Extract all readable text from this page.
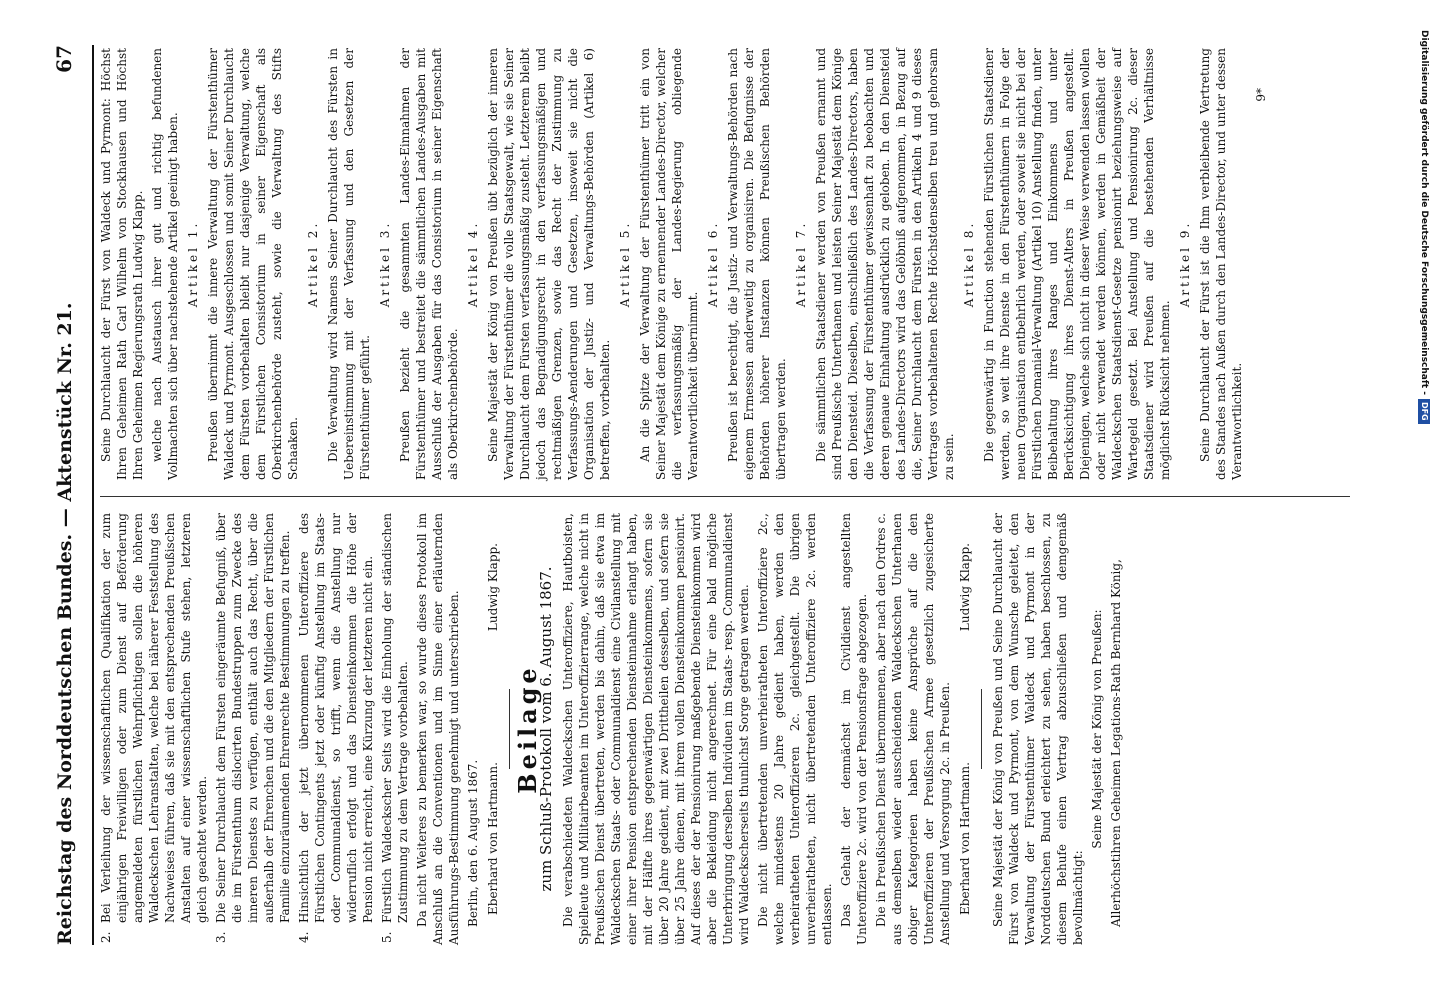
Reichstag des Norddeutschen Bundes. — Aktenstück Nr. 21.
67
2.
Bei Verleihung der wissenschaftlichen Qualifikation der zum einjährigen Freiwilligen oder zum Dienst auf Beförderung angemeldeten fürstlichen Wehrpflichtigen sollen die höheren Waldeckschen Lehranstalten, welche bei näherer Feststellung des Nachweises führen, daß sie mit den entsprechenden Preußischen Anstalten auf einer wissenschaftlichen Stufe stehen, letzteren gleich geachtet werden.
3.
Die Seiner Durchlaucht dem Fürsten eingeräumte Befugniß, über die im Fürstenthum dislocirten Bundestruppen zum Zwecke des inneren Dienstes zu verfügen, enthält auch das Recht, über die außerhalb der Ehrenchen und die den Mitgliedern der Fürstlichen Familie einzuräumenden Ehrenrechte Bestimmungen zu treffen.
4.
Hinsichtlich der jetzt übernommenen Unteroffiziere des Fürstlichen Contingents jetzt oder künftig Anstellung im Staats- oder Communaldienst, so trifft, wenn die Anstellung nur widerruflich erfolgt und das Diensteinkommen die Höhe der Pension nicht erreicht, eine Kürzung der letzteren nicht ein.
5.
Fürstlich Waldeckscher Seits wird die Einholung der ständischen Zustimmung zu dem Vertrage vorbehalten. Da nicht Weiteres zu bemerken war, so wurde dieses Protokoll im Anschluß an die Conventionen und im Sinne einer erläuternden Ausführungs-Bestimmung genehmigt und unterschrieben. Berlin, den 6. August 1867. Eberhard von Hartmann.
Ludwig Klapp.
Beilage
zum Schluß-Protokoll vom 6. August 1867. Die verabschiedeten Waldeckschen Unteroffiziere, Hautboisten, Spielleute und Militairbeamten im Unteroffizierrange, welche nicht in Preußischen Dienst übertreten, werden bis dahin, daß sie etwa im Waldeckschen Staats- oder Communaldienst eine Civilanstellung mit einer ihrer Pension entsprechenden Diensteinnahme erlangt haben, mit der Hälfte ihres gegenwärtigen Diensteinkommens, sofern sie über 20 Jahre gedient, mit zwei Drittheilen desselben, und sofern sie über 25 Jahre dienen, mit ihrem vollen Diensteinkommen pensionirt. Auf dieses der der Pensionirung maßgebende Diensteinkommen wird aber die Bekleidung nicht angerechnet. Für eine bald mögliche Unterbringung derselben Individuen im Staats- resp. Communaldienst wird Waldeckscherseits thunlichst Sorge getragen werden. Die nicht übertretenden unverheiratheten Unteroffiziere 2c., welche mindestens 20 Jahre gedient haben, werden den verheiratheten Unteroffizieren 2c. gleichgestellt. Die übrigen unverheiratheten, nicht übertretenden Unteroffiziere 2c. werden entlassen. Das Gehalt der demnächst im Civildienst angestellten Unteroffiziere 2c. wird von der Pensionsfrage abgezogen. Die in Preußischen Dienst übernommenen, aber nach den Ordres c. aus demselben wieder ausscheidenden Waldeckschen Unterhanen obiger Kategorieen haben keine Ansprüche auf die den Unteroffizieren der Preußischen Armee gesetzlich zugesicherte Anstellung und Versorgung 2c. in Preußen. Eberhard von Hartmann.
Ludwig Klapp. Seine Majestät der König von Preußen und Seine Durchlaucht der Fürst von Waldeck und Pyrmont, von dem Wunsche geleitet, den Verwaltung der Fürstenthümer Waldeck und Pyrmont in der Norddeutschen Bund erleichtert zu sehen, haben beschlossen, zu diesem Behufe einen Vertrag abzuschließen und demgemäß bevollmächtigt:

Seine Majestät der König von Preußen: Allerhöchstihren Geheimen Legations-Rath Bernhard König,

Seine Durchlaucht der Fürst von Waldeck und Pyrmont: Höchst Ihren Geheimen Rath Carl Wilhelm von Stockhausen und Höchst Ihren Geheimen Regierungsrath Ludwig Klapp. welche nach Austausch ihrer gut und richtig befundenen Vollmachten sich über nachstehende Artikel geeinigt haben. Artikel 1. Preußen übernimmt die innere Verwaltung der Fürstenthümer Waldeck und Pyrmont. Ausgeschlossen und somit Seiner Durchlaucht dem Fürsten vorbehalten bleibt nur dasjenige Verwaltung, welche dem Fürstlichen Consistorium in seiner Eigenschaft als Oberkirchenbehörde zusteht, sowie die Verwaltung des Stifts Schaaken.

Artikel 2. Die Verwaltung wird Namens Seiner Durchlaucht des Fürsten in Uebereinstimmung mit der Verfassung und den Gesetzen der Fürstenthümer geführt.

Artikel 3. Preußen bezieht die gesammten Landes-Einnahmen der Fürstenthümer und bestreitet die sämmtlichen Landes-Ausgaben mit Ausschluß der Ausgaben für das Consistorium in seiner Eigenschaft als Oberkirchenbehörde.

Artikel 4. Seine Majestät der König von Preußen übt bezüglich der inneren Verwaltung der Fürstenthümer die volle Staatsgewalt, wie sie Seiner Durchlaucht dem Fürsten verfassungsmäßig zusteht. Letzterem bleibt jedoch das Begnadigungsrecht in den verfassungsmäßigen und rechtmäßigen Grenzen, sowie das Recht der Zustimmung zu Verfassungs-Aenderungen und Gesetzen, insoweit sie nicht die Organisation der Justiz- und Verwaltungs-Behörden (Artikel 6) betreffen, vorbehalten.

Artikel 5. An die Spitze der Verwaltung der Fürstenthümer tritt ein von Seiner Majestät dem Könige zu ernennender Landes-Director, welcher die verfassungsmäßig der Landes-Regierung obliegende Verantwortlichkeit übernimmt.

Artikel 6. Preußen ist berechtigt, die Justiz- und Verwaltungs-Behörden nach eigenem Ermessen anderweitig zu organisiren. Die Befugnisse der Behörden höherer Instanzen können Preußischen Behörden übertragen werden.

Artikel 7. Die sämmtlichen Staatsdiener werden von Preußen ernannt und sind Preußische Unterthanen und leisten Seiner Majestät dem Könige den Diensteid. Dieselben, einschließlich des Landes-Directors, haben die Verfassung der Fürstenthümer gewissenhaft zu beobachten und deren genaue Einhaltung ausdrücklich zu geloben. In den Diensteid des Landes-Directors wird das Gelöbniß aufgenommen, in Bezug auf die, Seiner Durchlaucht dem Fürsten in den Artikeln 4 und 9 dieses Vertrages vorbehaltenen Rechte Höchstdenselben treu und gehorsam zu sein.

Artikel 8. Die gegenwärtig in Function stehenden Fürstlichen Staatsdiener werden, so weit ihre Dienste in den Fürstenthümern in Folge der neuen Organisation entbehrlich werden, oder soweit sie nicht bei der Fürstlichen Domanial-Verwaltung (Artikel 10) Anstellung finden, unter Beibehaltung ihres Ranges und Einkommens und unter Berücksichtigung ihres Dienst-Alters in Preußen angestellt. Diejenigen, welche sich nicht in dieser Weise verwenden lassen wollen oder nicht verwendet werden können, werden in Gemäßheit der Waldeckschen Staatsdienst-Gesetze pensionirt beziehungsweise auf Wartegeld gesetzt. Bei Anstellung und Pensionirung 2c. dieser Staatsdiener wird Preußen auf die bestehenden Verhältnisse möglichst Rücksicht nehmen.

Artikel 9. Seine Durchlaucht der Fürst ist die Ihm verbleibende Vertretung des Standes nach Außen durch den Landes-Director, und unter dessen Verantwortlichkeit.

9*	Digitalisierung gefördert durch die Deutsche Forschungsgemeinschaft -DFG
